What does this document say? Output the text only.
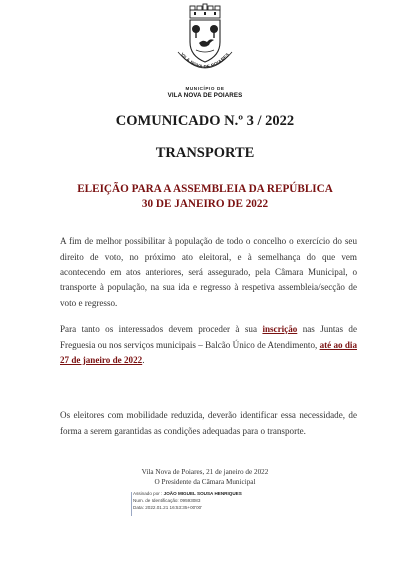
VILA NOVA DE POIARES
MUNICÍPIO DE
VILA NOVA DE POIARES
COMUNICADO N.º 3 / 2022
TRANSPORTE
ELEIÇÃO PARA A ASSEMBLEIA DA REPÚBLICA
30 DE JANEIRO DE 2022

A fim de melhor possibilitar à população de todo o concelho o exercício do seu direito de voto, no próximo ato eleitoral, e à semelhança do que vem acontecendo em atos anteriores, será assegurado, pela Câmara Municipal, o transporte à população, na sua ida e regresso à respetiva assembleia/secção de voto e regresso.

Para tanto os interessados devem proceder à sua inscrição nas Juntas de Freguesia ou nos serviços municipais – Balcão Único de Atendimento, até ao dia 27 de janeiro de 2022.

Os eleitores com mobilidade reduzida, deverão identificar essa necessidade, de forma a serem garantidas as condições adequadas para o transporte.

Vila Nova de Poiares, 21 de janeiro de 2022
O Presidente da Câmara Municipal
Assinado por : JOÃO MIGUEL SOUSA HENRIQUES
Num. de Identificação: 09593083
Data: 2022.01.21 16:53:35+00'00'
